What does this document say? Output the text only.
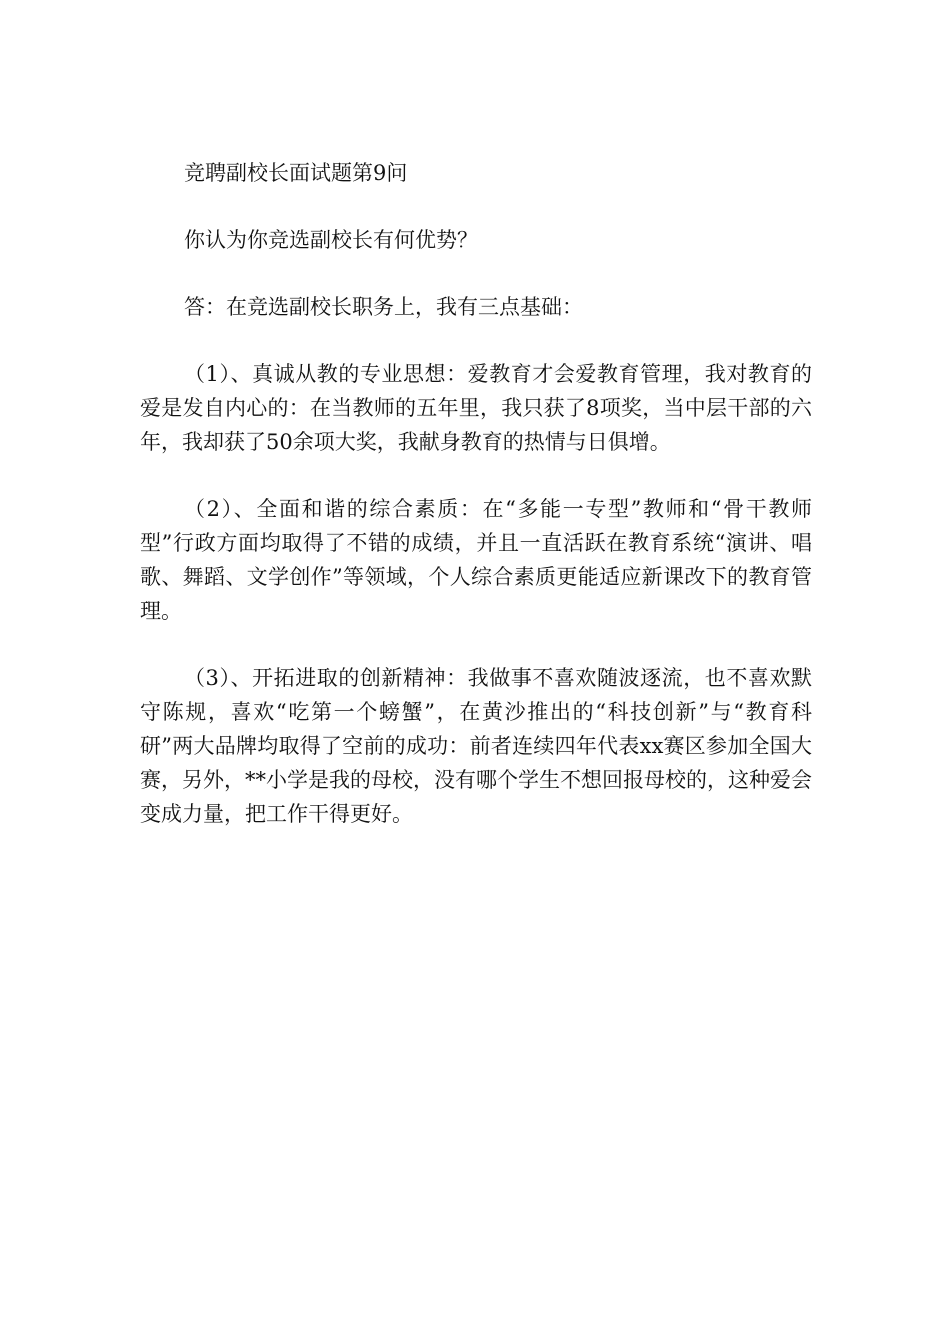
竞聘副校长面试题第9问

你认为你竞选副校长有何优势？

答：在竞选副校长职务上，我有三点基础：

（1）、真诚从教的专业思想：爱教育才会爱教育管理，我对教育的爱是发自内心的：在当教师的五年里，我只获了8项奖，当中层干部的六年，我却获了50余项大奖，我献身教育的热情与日俱增。

（2）、全面和谐的综合素质：在“多能一专型”教师和“骨干教师型”行政方面均取得了不错的成绩，并且一直活跃在教育系统“演讲、唱歌、舞蹈、文学创作”等领域，个人综合素质更能适应新课改下的教育管理。

（3）、开拓进取的创新精神：我做事不喜欢随波逐流，也不喜欢默守陈规，喜欢“吃第一个螃蟹”，在黄沙推出的“科技创新”与“教育科研”两大品牌均取得了空前的成功：前者连续四年代表xx赛区参加全国大赛，另外，**小学是我的母校，没有哪个学生不想回报母校的，这种爱会变成力量，把工作干得更好。
